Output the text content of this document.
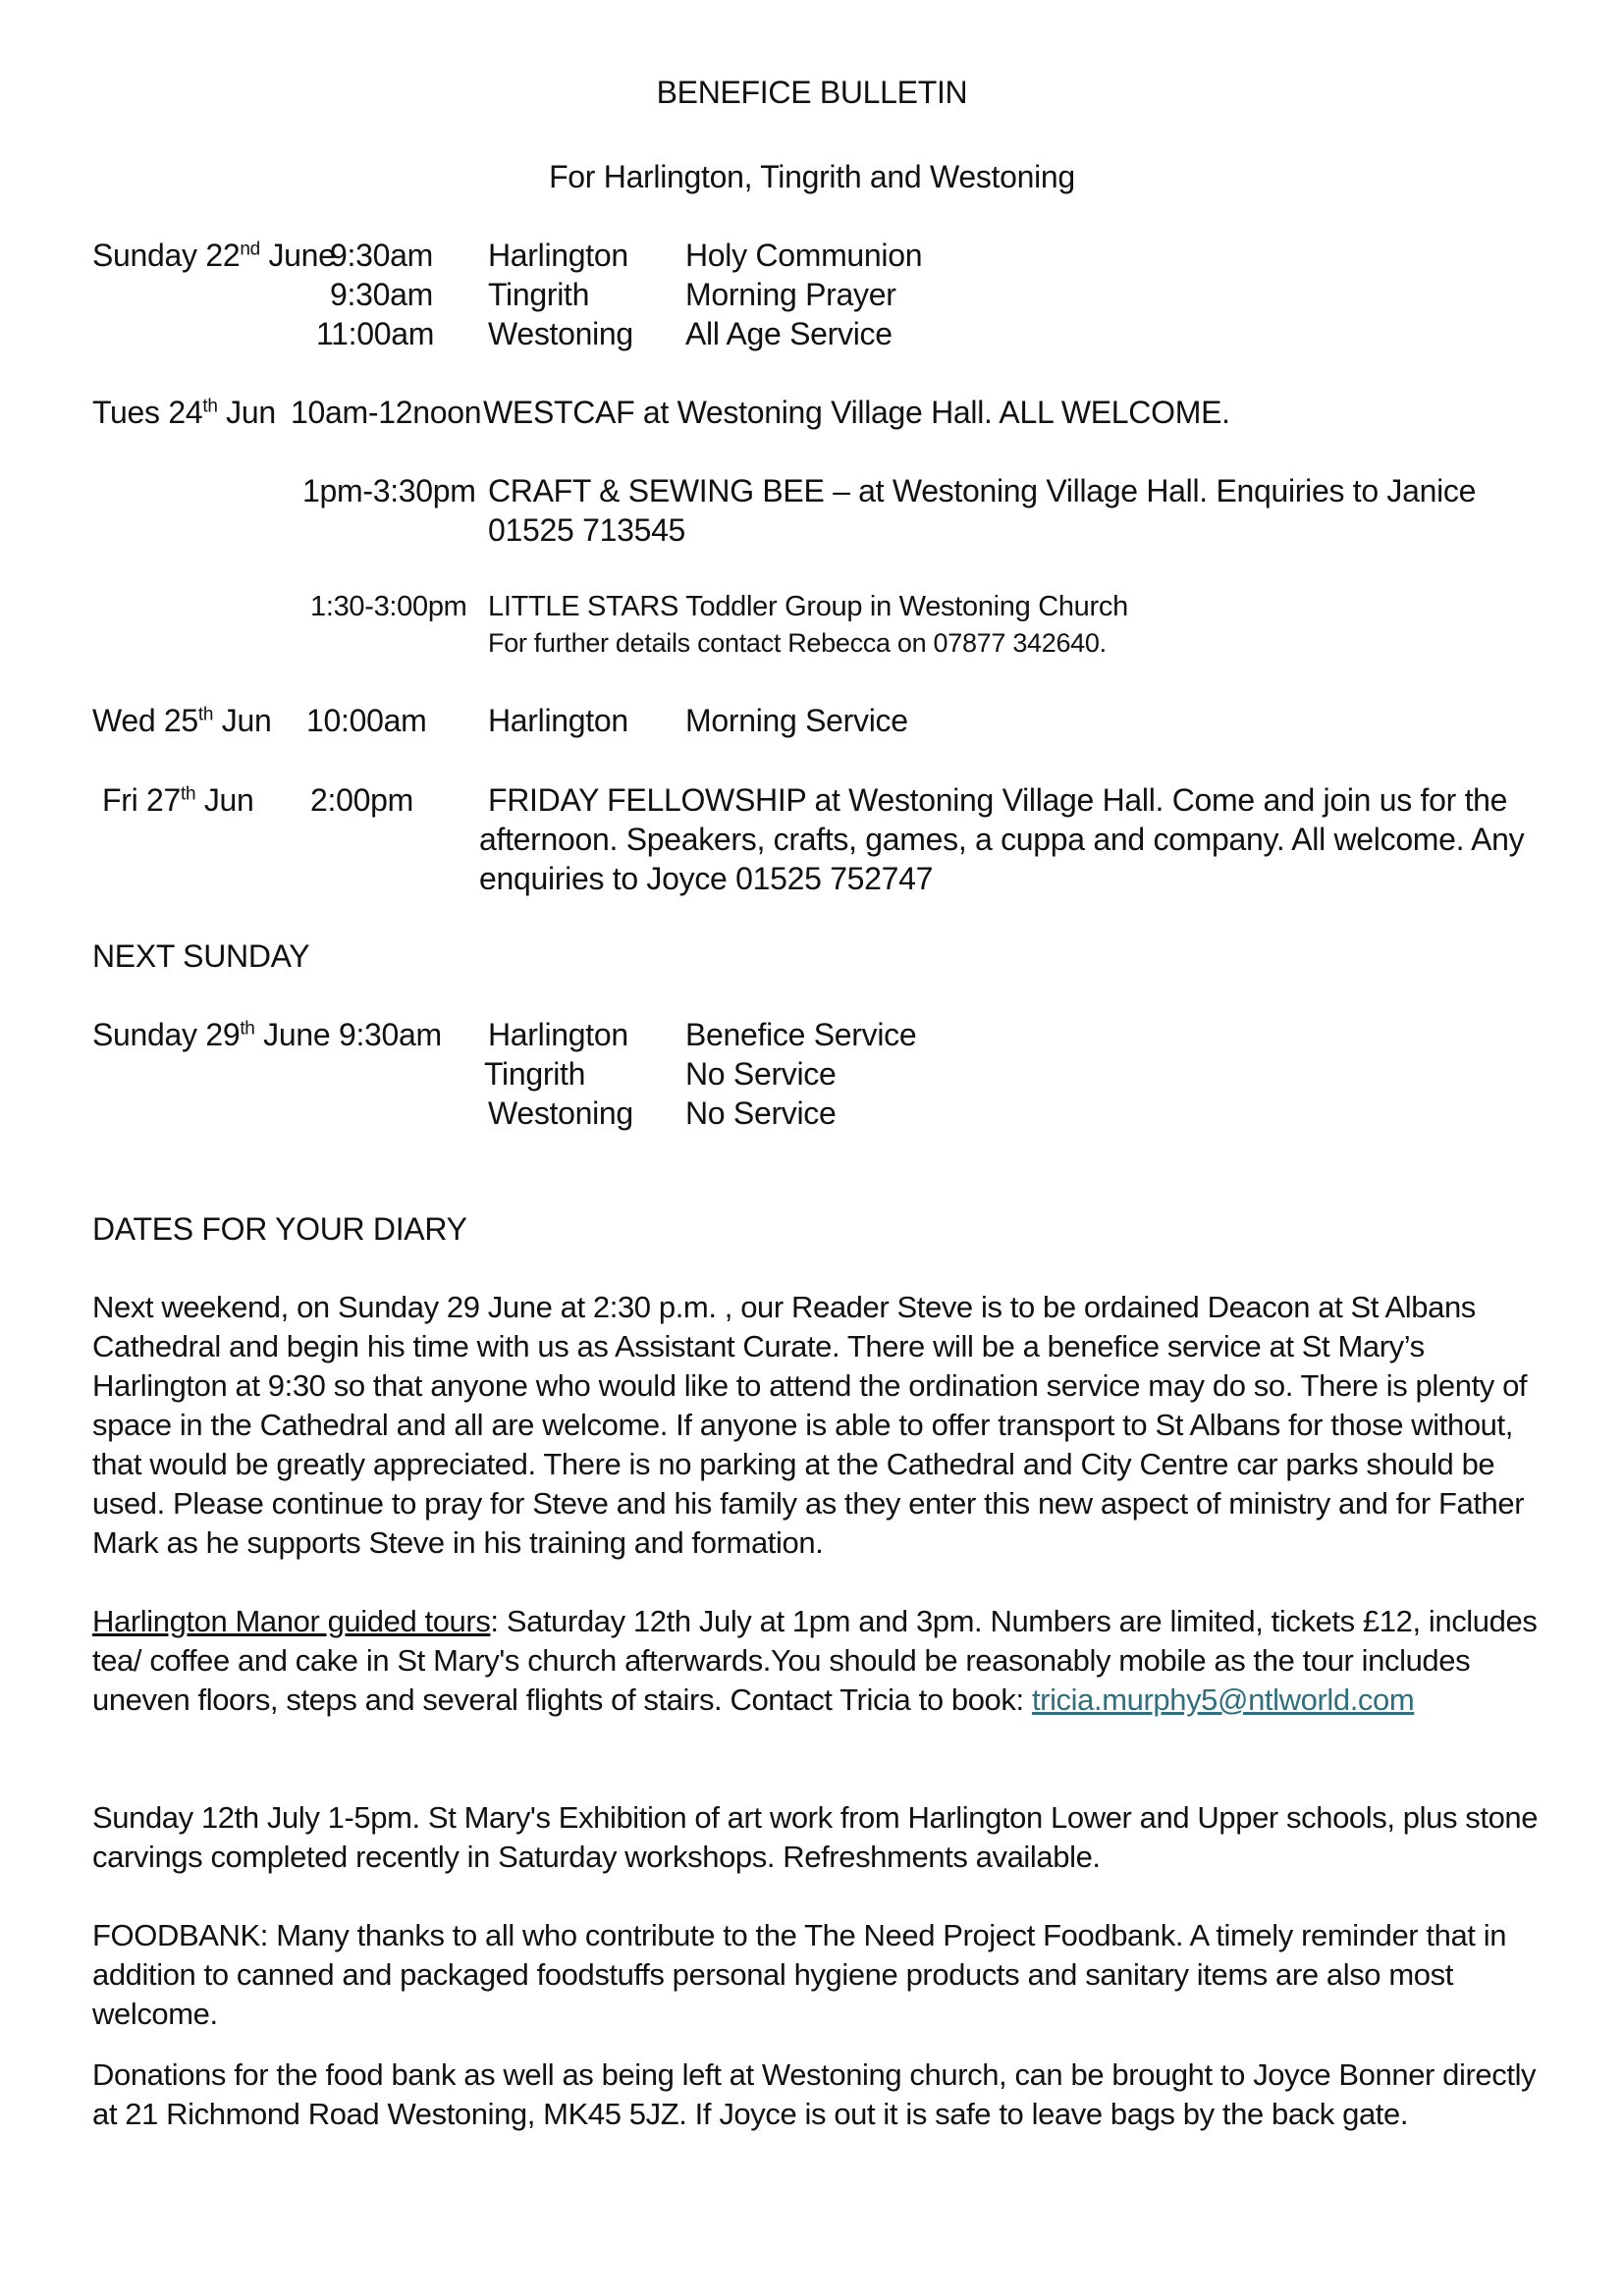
BENEFICE BULLETIN
For Harlington, Tingrith and Westoning
Sunday 22nd June
9:30am Harlington Holy Communion
9:30am Tingrith	Morning Prayer
11:00am Westoning All Age Service
Tues 24th Jun 10am-12noon WESTCAF at Westoning Village Hall. ALL WELCOME.
1pm-3:30pm CRAFT & SEWING BEE – at Westoning Village Hall. Enquiries to Janice
01525 713545
1:30-3:00pm LITTLE STARS Toddler Group in Westoning Church
For further details contact Rebecca on 07877 342640.
Wed 25th Jun 10:00am Harlington Morning Service
Fri 27th Jun 2:00pm FRIDAY FELLOWSHIP at Westoning Village Hall. Come and join us for the
afternoon. Speakers, crafts, games, a cuppa and company. All welcome. Any
enquiries to Joyce 01525 752747
NEXT SUNDAY
Sunday 29th June 9:30am Harlington Benefice Service
Tingrith	No Service
Westoning No Service
DATES FOR YOUR DIARY
Next weekend, on Sunday 29 June at 2:30 p.m. , our Reader Steve is to be ordained Deacon at St Albans Cathedral and begin his time with us as Assistant Curate. There will be a benefice service at St Mary’s Harlington at 9:30 so that anyone who would like to attend the ordination service may do so. There is plenty of space in the Cathedral and all are welcome. If anyone is able to offer transport to St Albans for those without, that would be greatly appreciated. There is no parking at the Cathedral and City Centre car parks should be used. Please continue to pray for Steve and his family as they enter this new aspect of ministry and for Father Mark as he supports Steve in his training and formation.
Harlington Manor guided tours: Saturday 12th July at 1pm and 3pm. Numbers are limited, tickets £12, includes tea/ coffee and cake in St Mary's church afterwards.You should be reasonably mobile as the tour includes uneven floors, steps and several flights of stairs. Contact Tricia to book: tricia.murphy5@ntlworld.com
Sunday 12th July 1-5pm. St Mary's Exhibition of art work from Harlington Lower and Upper schools, plus stone carvings completed recently in Saturday workshops. Refreshments available.
FOODBANK: Many thanks to all who contribute to the The Need Project Foodbank. A timely reminder that in addition to canned and packaged foodstuffs personal hygiene products and sanitary items are also most welcome.
Donations for the food bank as well as being left at Westoning church, can be brought to Joyce Bonner directly at 21 Richmond Road Westoning, MK45 5JZ. If Joyce is out it is safe to leave bags by the back gate.
